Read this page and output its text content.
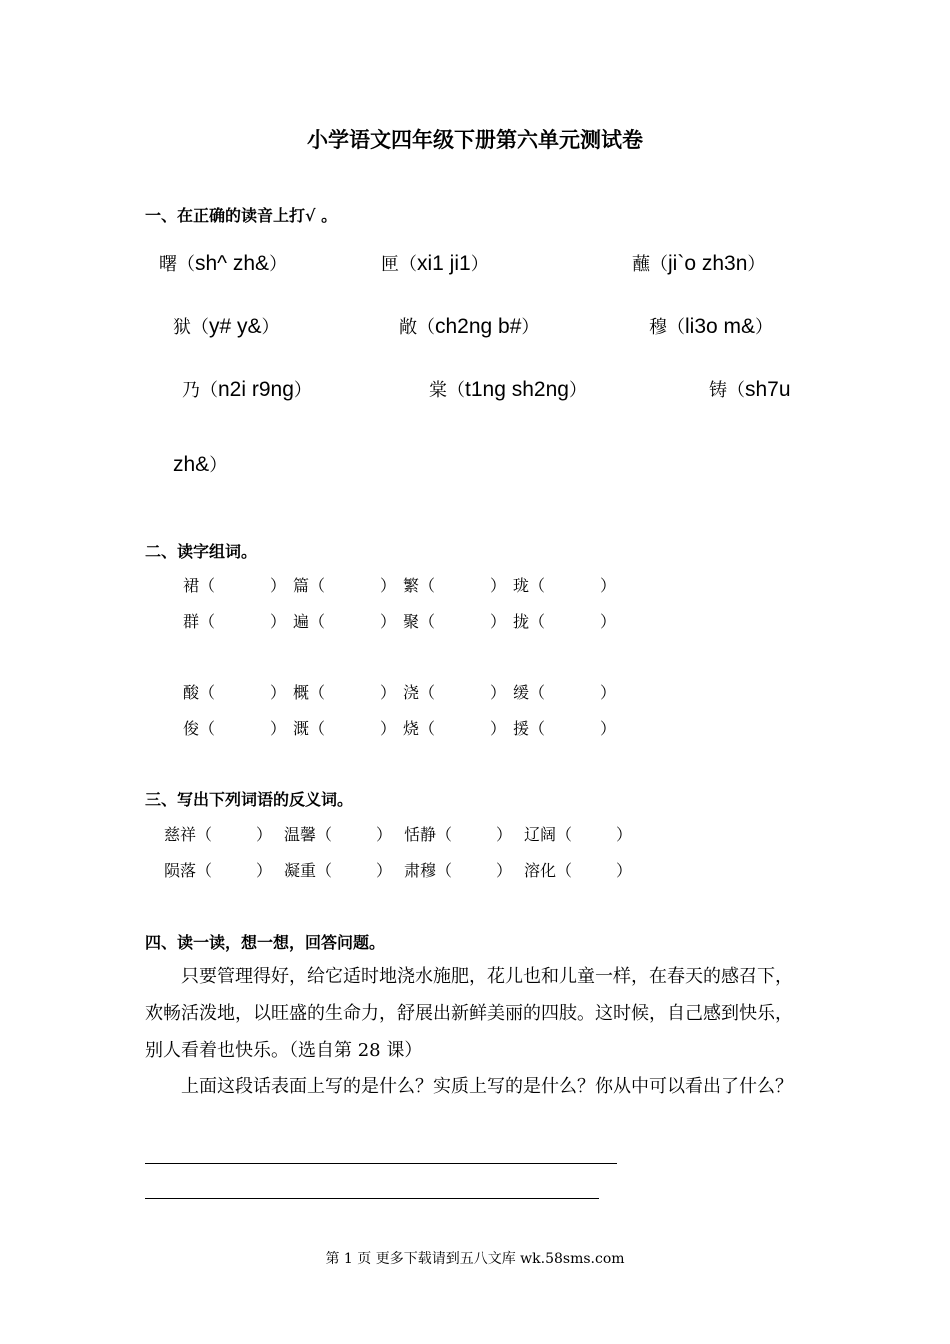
小学语文四年级下册第六单元测试卷
一、在正确的读音上打√ 。
曙（sh^ zh&）	匣（xi1 ji1）	蘸（ji`o zh3n）
狱（y# y&）	敞（ch2ng b#）	穆（li3o m&）
乃（n2i r9ng）	棠（t1ng sh2ng）	铸（sh7u
zh&）
二、读字组词。
裙（	） 篇（	） 繁（	） 珑（	）
群（	） 遍（	） 聚（	） 拢（	）
酸（	） 概（	） 浇（	） 缓（	）
俊（	） 溉（	） 烧（	） 援（	）
三、写出下列词语的反义词。
慈祥（	） 温馨（	） 恬静（	） 辽阔（	）
陨落（	） 凝重（	） 肃穆（	） 溶化（	）
四、读一读，想一想，回答问题。
只要管理得好，给它适时地浇水施肥，花儿也和儿童一样，在春天的感召下，欢畅活泼地，以旺盛的生命力，舒展出新鲜美丽的四肢。这时候，自己感到快乐，别人看着也快乐。（选自第 28 课）
上面这段话表面上写的是什么？实质上写的是什么？你从中可以看出了什么？
第 1 页 更多下载请到五八文库 wk.58sms.com
